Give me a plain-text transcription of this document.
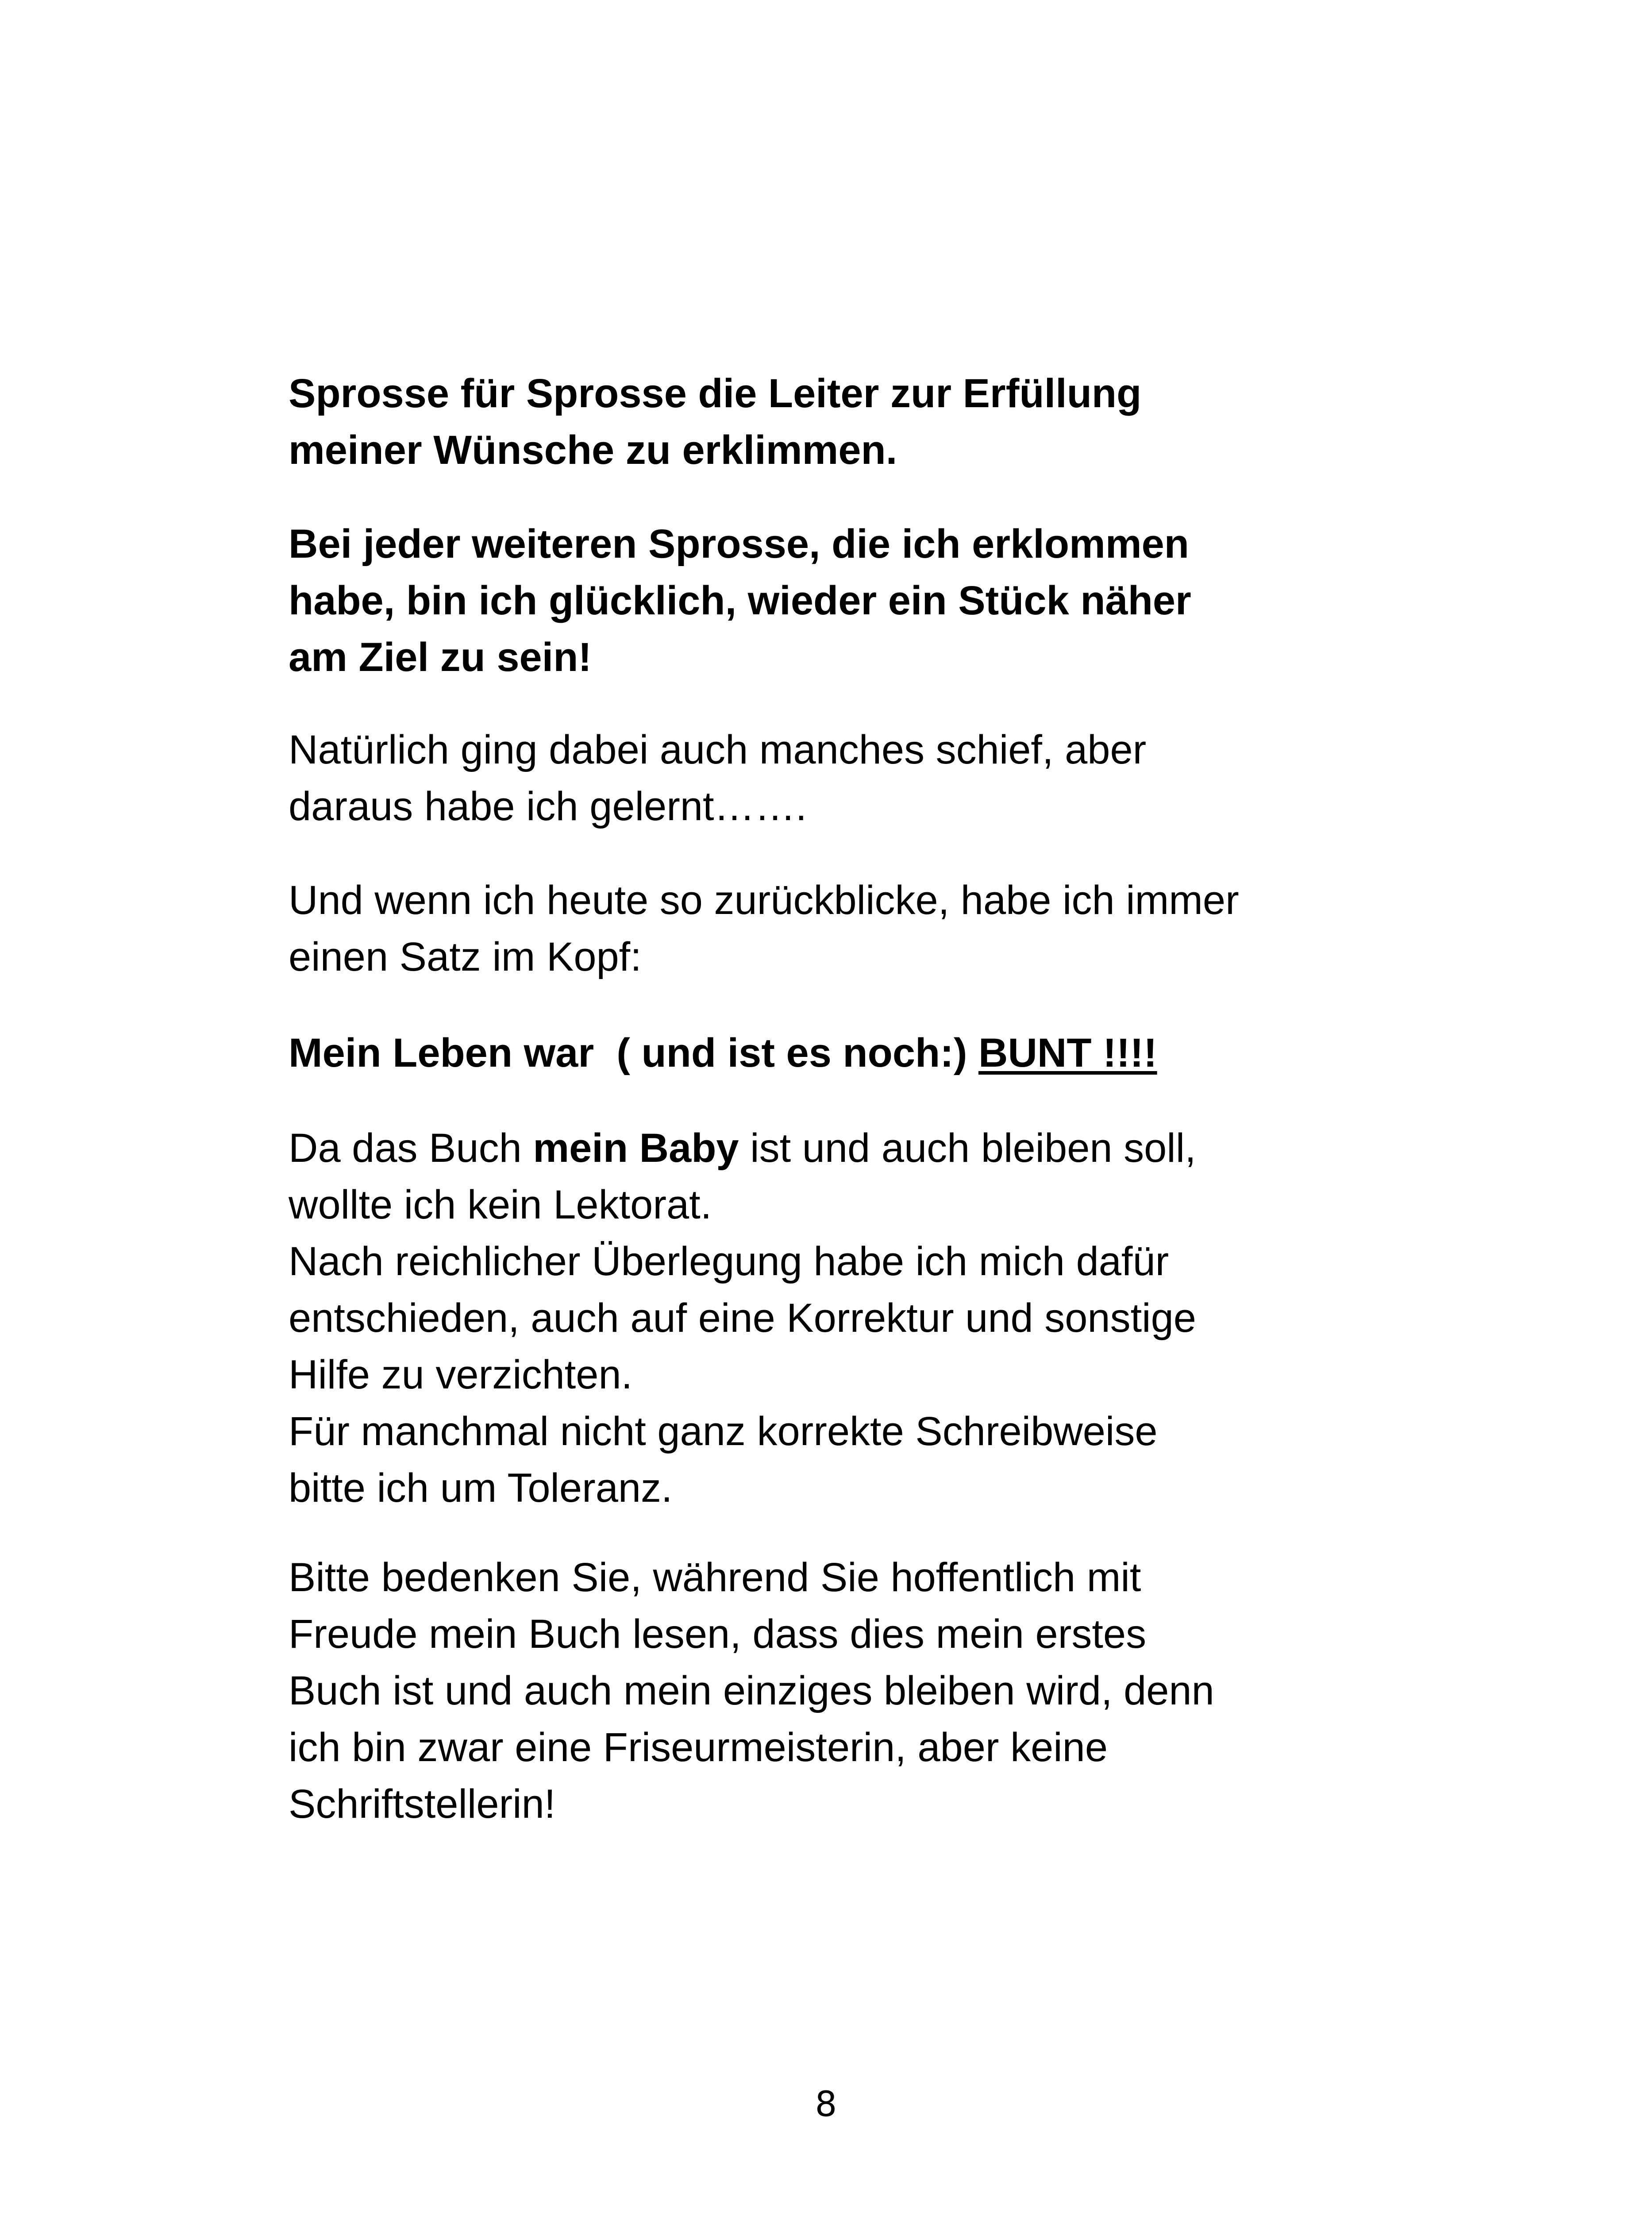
Sprosse für Sprosse die Leiter zur Erfüllung
meiner Wünsche zu erklimmen.

Bei jeder weiteren Sprosse, die ich erklommen
habe, bin ich glücklich, wieder ein Stück näher
am Ziel zu sein!

Natürlich ging dabei auch manches schief, aber
daraus habe ich gelernt…….

Und wenn ich heute so zurückblicke, habe ich immer
einen Satz im Kopf:

Mein Leben war  ( und ist es noch:) BUNT !!!!

Da das Buch mein Baby ist und auch bleiben soll,
wollte ich kein Lektorat.
Nach reichlicher Überlegung habe ich mich dafür
entschieden, auch auf eine Korrektur und sonstige
Hilfe zu verzichten.
Für manchmal nicht ganz korrekte Schreibweise
bitte ich um Toleranz.

Bitte bedenken Sie, während Sie hoffentlich mit
Freude mein Buch lesen, dass dies mein erstes
Buch ist und auch mein einziges bleiben wird, denn
ich bin zwar eine Friseurmeisterin, aber keine
Schriftstellerin!

8
